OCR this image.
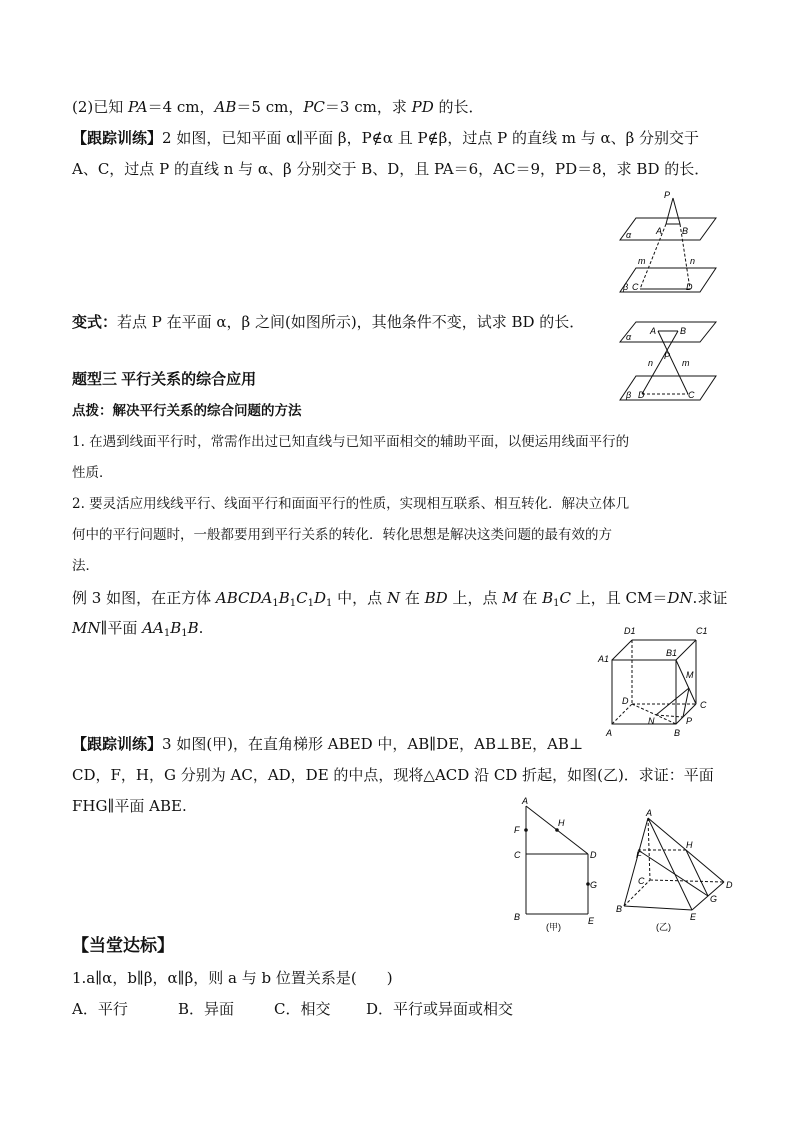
(2)已知 PA＝4 cm，AB＝5 cm，PC＝3 cm，求 PD 的长．
【跟踪训练】2 如图，已知平面 α∥平面 β，P∉α 且 P∉β，过点 P 的直线 m 与 α、β 分别交于
A、C，过点 P 的直线 n 与 α、β 分别交于 B、D，且 PA＝6，AC＝9，PD＝8，求 BD 的长．
P
A B
α
m	n
β C	D
变式：若点 P 在平面 α，β 之间(如图所示)，其他条件不变，试求 BD 的长．	A	B
α
P
n	m
β D	C
题型三 平行关系的综合应用
点拨：解决平行关系的综合问题的方法
1. 在遇到线面平行时，常需作出过已知直线与已知平面相交的辅助平面，以便运用线面平行的
性质．
2. 要灵活应用线线平行、线面平行和面面平行的性质，实现相互联系、相互转化．解决立体几
何中的平行问题时，一般都要用到平行关系的转化．转化思想是解决这类问题的最有效的方
法．
例 3 如图，在正方体 $ABCDA_1B_1C_1D_1$ 中，点 N 在 BD 上，点 M 在 $B_1C$ 上，且 CM＝DN.求证
MN∥平面 $AA_1B_1B$.	D1	C1
A1
B1
M
D	C
N	P
A	B
【跟踪训练】3 如图(甲)，在直角梯形 ABED 中，AB∥DE，AB⊥BE，AB⊥
CD，F，H，G 分别为 AC，AD，DE 的中点，现将△ACD 沿 CD 折起，如图(乙)．求证：平面
FHG∥平面 ABE.	A
F
H
C	D
G
B	E
(甲)
A
F
H
C	D
G
B
E
(乙)
【当堂达标】
1.a∥α，b∥β，α∥β，则 a 与 b 位置关系是(　　)
A．平行	B．异面	C．相交 D．平行或异面或相交
